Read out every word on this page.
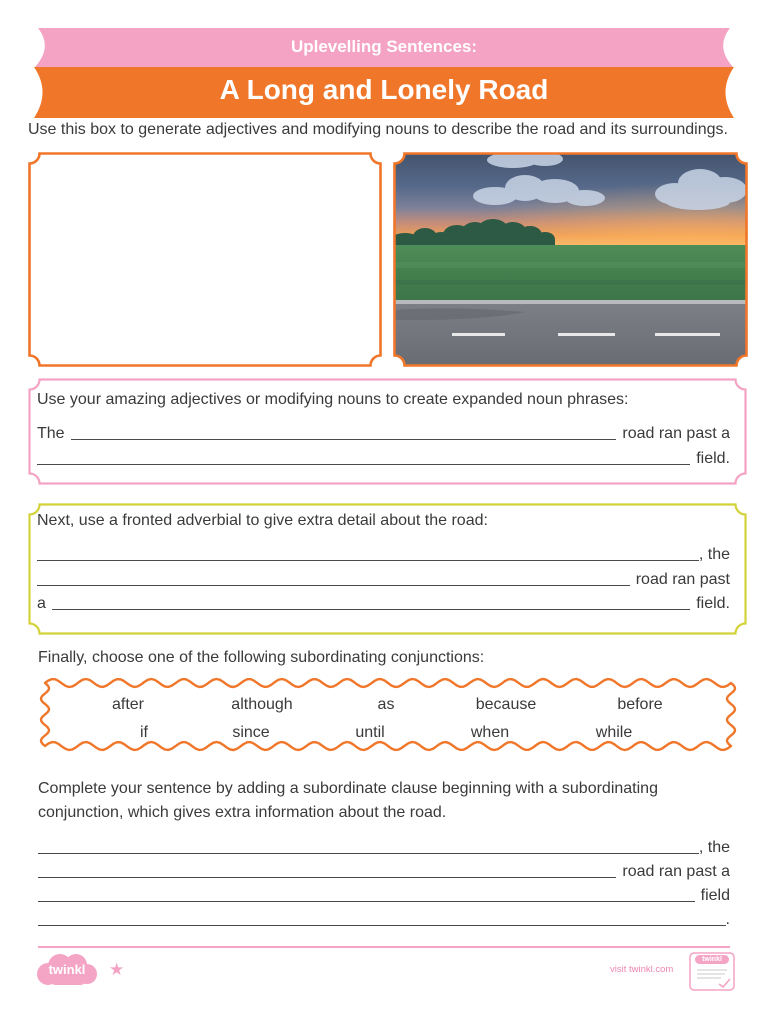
Uplevelling Sentences:
A Long and Lonely Road
Use this box to generate adjectives and modifying nouns to describe the road and its surroundings.
Use your amazing adjectives or modifying nouns to create expanded noun phrases:
The	road ran past a
field.
Next, use a fronted adverbial to give extra detail about the road:
, the
road ran past
a	field.
Finally, choose one of the following subordinating conjunctions:
after	although	as	because	before
if	since	until	when	while
Complete your sentence by adding a subordinate clause beginning with a subordinating
conjunction, which gives extra information about the road.
, the
road ran past a
field
.
twinkl	★	visit twinkl.com
twinkl
